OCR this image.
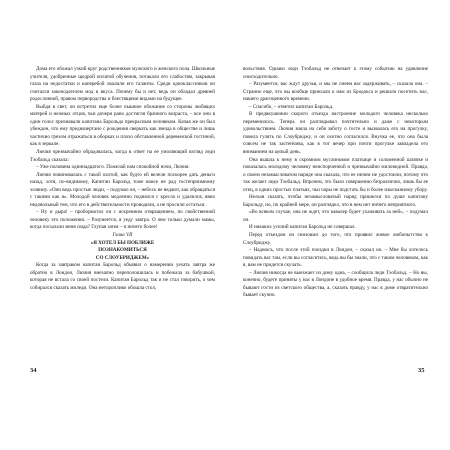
Дома его обожал узкий круг родственников мужского и женского пола. Школьные учителя, удобренные щедрой оплатой обучения, потакали его слабостям, закрывая глаза на недостатки и наперебой хвалили его таланты. Среди одноклассников он считался законодателем мод и вкуса. Почему бы и нет, ведь он обладал древней родословной, правом первородства и блестящими видами на будущее.

Выйдя в свет, он встретил еще более пышное обожание со стороны любящих матерей и нежных отцов, чьи дочери рано достигли брачного возраста, – все они в один голос признавали капитана Барольда прекрасным человеком. Качая же он был убежден, что ему предначертано с рождения сверкать как звезда в обществе и лишь частично грехом отражаться в оборках и плохо обставленной деревенской гостиной, как в зеркале.

Лючия чрезвычайно обрадовалась, когда в ответ на ее умоляющий взгляд леди Тэобальд сказала:

– Уже половина одиннадцатого. Пожелай нам спокойной ночи, Лючия.

Лючия повиновалась с такой охотой, как будто ей велели поскорее дать деньги назад, хотя, по-видимому, Капитан Барольд тоже вовсе не рад гостеприимному хозяину. «Они ведь простые люди, – подумал он, – небось не ведают, как обращаться с такими как я». Молодой человек медленно поднялся с кресла и удалился, явно недовольный тем, что его в действительности проводили, а не просили остаться.

– Ну и дыра! – пробормотал он с искренним отвращением, по свойственной человеку его положения. – Разумеется, я уеду завтра. О чем только думали мамы, когда посылали меня сюда? Глупая затея – и ничего более!

Глава VII

«Я ХОТЕЛ БЫ ПОБЛИЖЕ
ПОЗНАКОМИТЬСЯ
СО СЛОУБРИДЖЕМ»

Когда за завтраком капитан Барольд объявил о намерении уехать завтра же обратно в Лондон, Лючия внезапно переполошилась и побежала за бабушкой, которая не встала со своей постели. Капитан Барольд так и не стал говорить, о чем собирался сказать миледи. Она неторопливо обошла стол,

вольствия. Однако леди Тэобальд не отвечает к этому событию на удивление снисходительно.

– Разумеется, вас ждут друзья, и мы не смеем вас задерживать, – сказала она. – Странно еще, что вы вообще приехали к нам из Бродоксa и решили посетить нас, нашего драгоценного времени.

– Спасибо, – ответил капитан Барольд.

В предвкушении скорого отъезда настроение молодого человека несколько переменилось. Теперь он разглядывал почтительно и даже с некоторым удовольствием. Лючия взяла на себя заботу о госте и вызвалась его на прогулку, повела гулять по Слоубриджу, и он охотно согласился. Внучка ее, что она была совсем не так застенчива, как в тот вечер при почти прогулке завладела его вниманием на целый день.

Она вышла к нему в скромном муслиновом платьице и соломенной шляпке и показалась молодому человеку неиспорченной и чрезвычайно миловидной. Правда, о своем незамысловатом наряде она сказала, что ее ничем не удостоили, потому что так желает леди Тэобальд. Впрочем, это было совершенно безразлично, лишь бы ее отец, в одних простых платьях, чьи чары не подстать бы и более изысканному убору.

Нельзя сказать, чтобы незамысловатый наряд пришелся по душе капитану Барольду, но, по крайней мере, он разглядел, что в нем нет ничего неприятного.

«Во всяком случае, она не ждет, что кавалер будет ухаживать за ней», – подумал он.

И никаких усилий капитан Барольд не совершал.

Перед отъездом он снизошел до того, что проявил живое любопытство к Слоубриджу.

– Надеюсь, что после этой поездки в Лондон, – сказал он. – Мне бы хотелось повидать вас там, если вы согласитесь, ведь вы бы знали, что с таким человеком, как я, вам не придется скучать.

– Лючия никогда не выезжает из дому одна, – сообщила леди Тэобальд. – Но вы, конечно, будете приняты у нас в Лондоне в удобное время. Правда, у нас обычно не бывают гости из светского общества, а, сказать правду, у нас в доме отвратительно бывает скучно.

34	35
